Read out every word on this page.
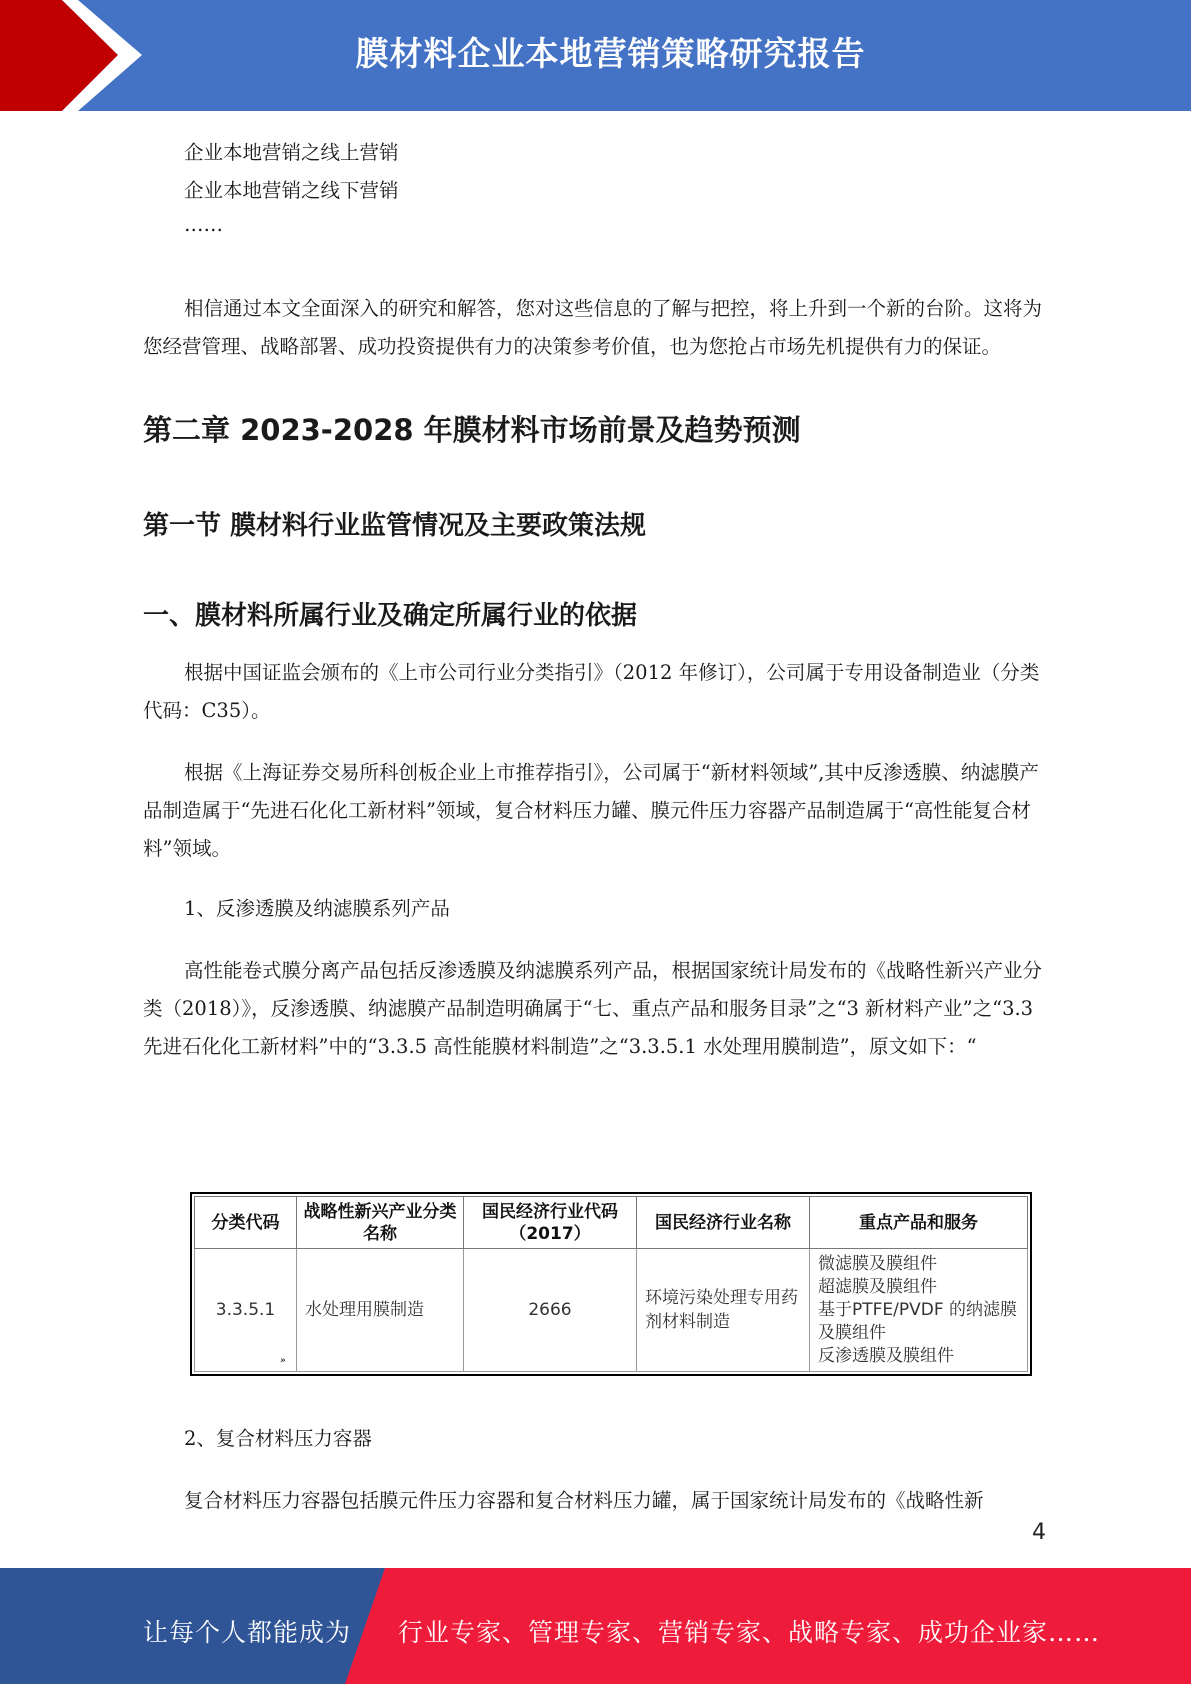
膜材料企业本地营销策略研究报告
企业本地营销之线上营销
企业本地营销之线下营销
……

相信通过本文全面深入的研究和解答，您对这些信息的了解与把控，将上升到一个新的台阶。这将为您经营管理、战略部署、成功投资提供有力的决策参考价值，也为您抢占市场先机提供有力的保证。

第二章 2023-2028 年膜材料市场前景及趋势预测
第一节 膜材料行业监管情况及主要政策法规
一、膜材料所属行业及确定所属行业的依据

根据中国证监会颁布的《上市公司行业分类指引》（2012 年修订），公司属于专用设备制造业（分类代码：C35）。

根据《上海证券交易所科创板企业上市推荐指引》，公司属于“新材料领域”,其中反渗透膜、纳滤膜产品制造属于“先进石化化工新材料”领域，复合材料压力罐、膜元件压力容器产品制造属于“高性能复合材料”领域。

1、反渗透膜及纳滤膜系列产品

高性能卷式膜分离产品包括反渗透膜及纳滤膜系列产品，根据国家统计局发布的《战略性新兴产业分类（2018）》，反渗透膜、纳滤膜产品制造明确属于“七、重点产品和服务目录”之“3 新材料产业”之“3.3 先进石化化工新材料”中的“3.3.5 高性能膜材料制造”之“3.3.5.1 水处理用膜制造”，原文如下：“

分类代码	战略性新兴产业分类名称	国民经济行业代码（2017）	国民经济行业名称	重点产品和服务
3.3.5.1	水处理用膜制造	2666	环境污染处理专用药剂材料制造	微滤膜及膜组件
超滤膜及膜组件
基于PTFE/PVDF 的纳滤膜及膜组件
反渗透膜及膜组件
»
2、复合材料压力容器

复合材料压力容器包括膜元件压力容器和复合材料压力罐，属于国家统计局发布的《战略性新

4
让每个人都能成为 行业专家、管理专家、营销专家、战略专家、成功企业家……
